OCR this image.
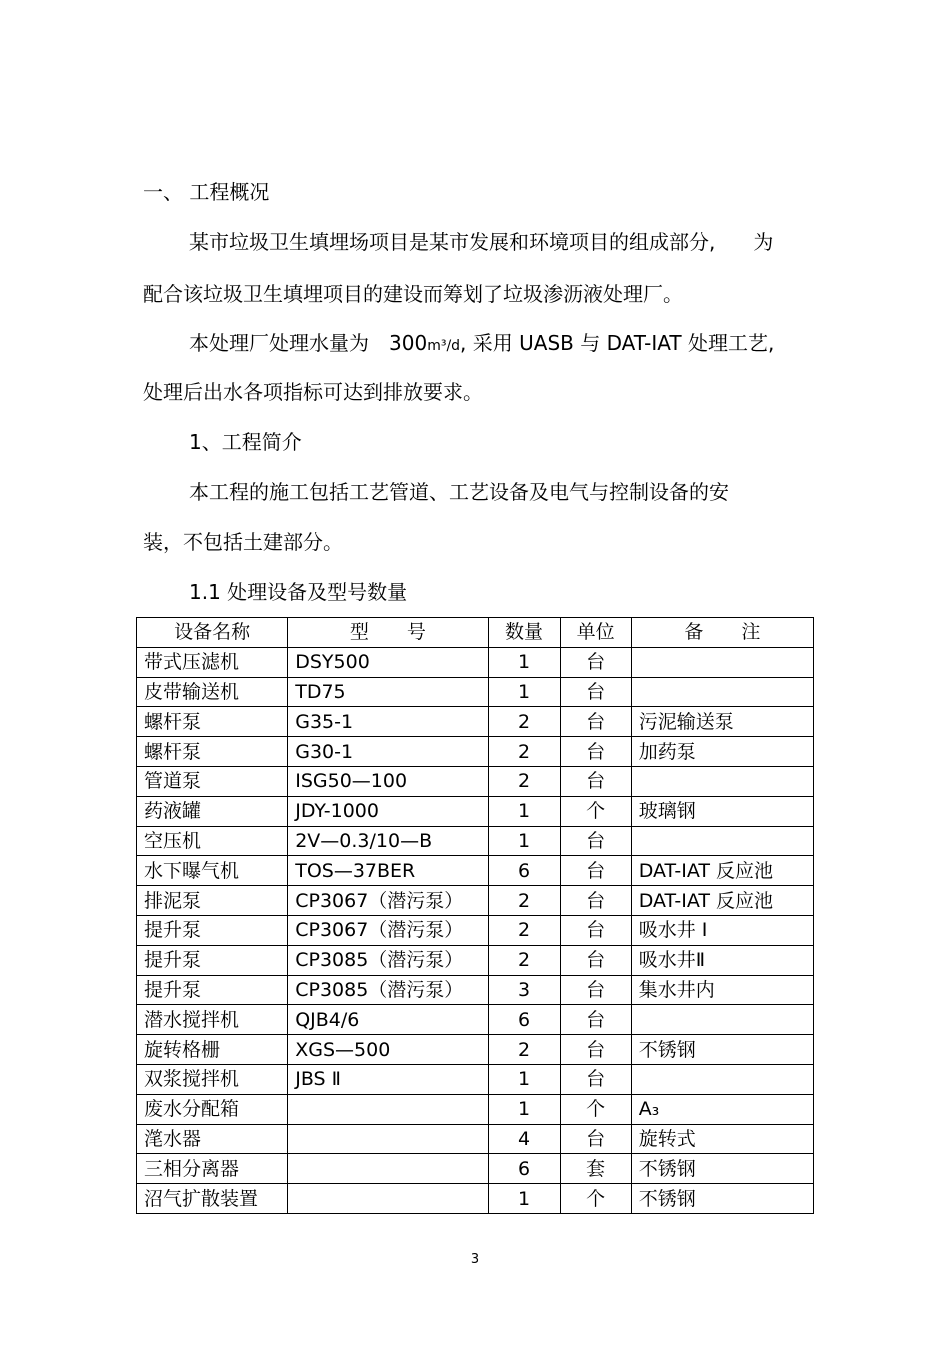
一、 工程概况
某市垃圾卫生填埋场项目是某市发展和环境项目的组成部分, 为
配合该垃圾卫生填埋项目的建设而筹划了垃圾渗沥液处理厂。
本处理厂处理水量为 300m³/d, 采用 UASB 与 DAT-IAT 处理工艺,
处理后出水各项指标可达到排放要求。
1、工程简介
本工程的施工包括工艺管道、工艺设备及电气与控制设备的安
装，不包括土建部分。
1.1 处理设备及型号数量
设备名称	型　　号	数量	单位	备　　注
带式压滤机	DSY500	1	台	
皮带输送机	TD75	1	台	
螺杆泵	G35-1	2	台	污泥输送泵
螺杆泵	G30-1	2	台	加药泵
管道泵	ISG50—100	2	台	
药液罐	JDY-1000	1	个	玻璃钢
空压机	2V—0.3/10—B	1	台	
水下曝气机	TOS—37BER	6	台	DAT-IAT 反应池
排泥泵	CP3067（潜污泵）	2	台	DAT-IAT 反应池
提升泵	CP3067（潜污泵）	2	台	吸水井 Ⅰ
提升泵	CP3085（潜污泵）	2	台	吸水井Ⅱ
提升泵	CP3085（潜污泵）	3	台	集水井内
潜水搅拌机	QJB4/6	6	台	
旋转格栅	XGS—500	2	台	不锈钢
双浆搅拌机	JBS Ⅱ	1	台	
废水分配箱		1	个	A₃
滗水器		4	台	旋转式
三相分离器		6	套	不锈钢
沼气扩散装置		1	个	不锈钢
3
